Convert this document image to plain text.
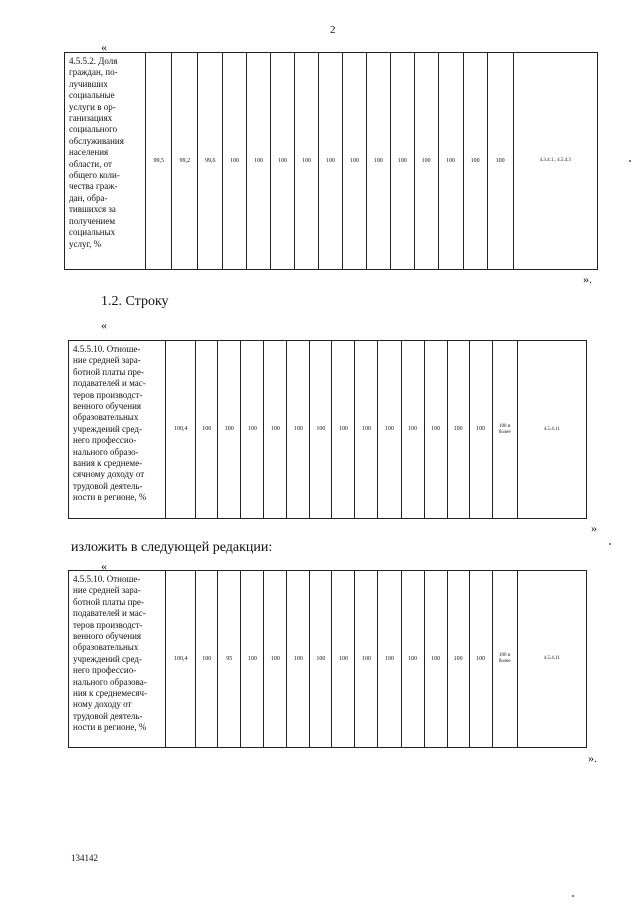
2
«
4.5.5.2. Доля
граждан, по-
лучивших
социальные
услуги в ор-
ганизациях
социального
обслуживания
населения
области, от
общего коли-
чества граж-
дан, обра-
тившихся за
получением
социальных
услуг, %
	99,5	99,2	99,6	100	100	100	100	100	100	100	100	100	100	100	100	4.3.4.1., 4.5.4.3
».
1.2. Строку
«
4.5.5.10. Отноше-
ние средней зара-
ботной платы пре-
подавателей и мас-
теров производст-
венного обучения
образовательных
учреждений сред-
него профессио-
нального образо-
вания к среднеме-
сячному доходу от
трудовой деятель-
ности в регионе, %
	100,4	100	100	100	100	100	100	100	100	100	100	100	100	100	100 и более	4.5.4.11
»
изложить в следующей редакции:
«
4.5.5.10. Отноше-
ние средней зара-
ботной платы пре-
подавателей и мас-
теров производст-
венного обучения
образовательных
учреждений сред-
него профессио-
нального образова-
ния к среднемесяч-
ному доходу от
трудовой деятель-
ности в регионе, %
	100,4	100	95	100	100	100	100	100	100	100	100	100	100	100	100 и более	4.5.4.11
».
134142
